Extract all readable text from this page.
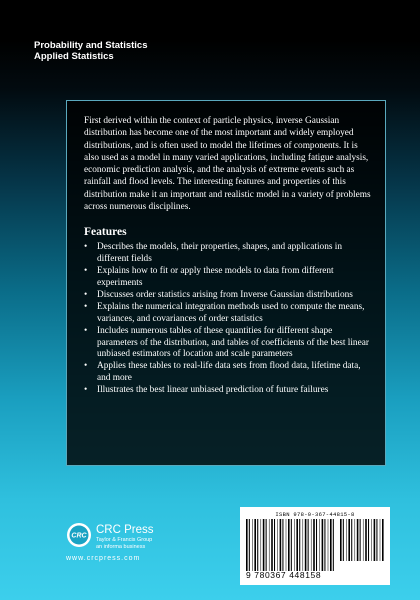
Probability and Statistics
Applied Statistics

First derived within the context of particle physics, inverse Gaussian distribution has become one of the most important and widely employed distributions, and is often used to model the lifetimes of components. It is also used as a model in many varied applications, including fatigue analysis, economic prediction analysis, and the analysis of extreme events such as rainfall and flood levels. The interesting features and properties of this distribution make it an important and realistic model in a variety of problems across numerous disciplines.

Features
• Describes the models, their properties, shapes, and applications in different fields
• Explains how to fit or apply these models to data from different experiments
• Discusses order statistics arising from Inverse Gaussian distributions
• Explains the numerical integration methods used to compute the means, variances, and covariances of order statistics
• Includes numerous tables of these quantities for different shape parameters of the distribution, and tables of coefficients of the best linear unbiased estimators of location and scale parameters
• Applies these tables to real-life data sets from flood data, lifetime data, and more
• Illustrates the best linear unbiased prediction of future failures
CRC CRC Press
Taylor & Francis Group
an informa business
www.crcpress.com
ISBN 978-0-367-44815-8
9 780367 448158
